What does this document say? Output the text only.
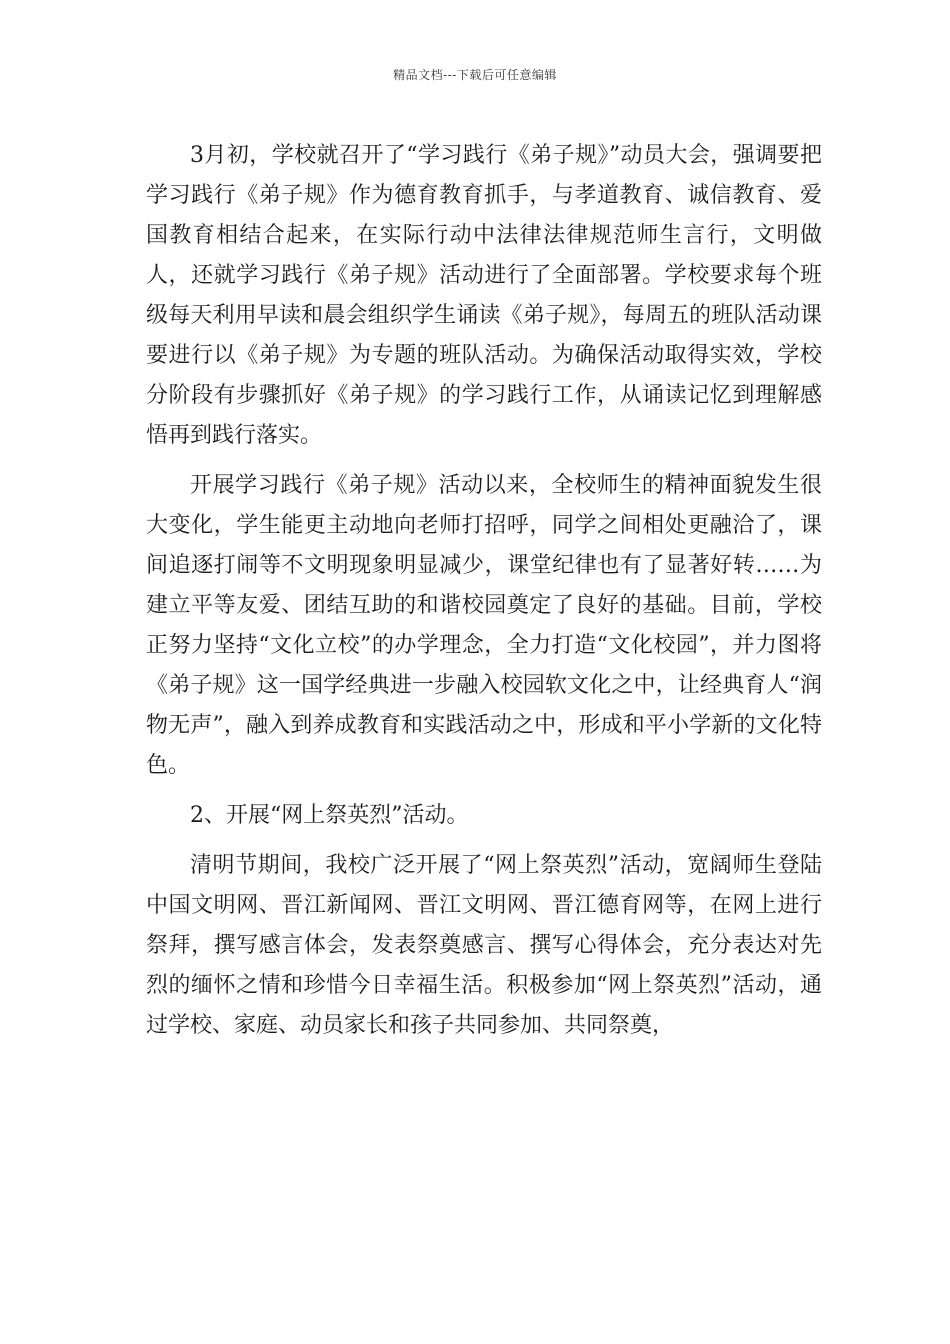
精品文档---下载后可任意编辑

3月初，学校就召开了“学习践行《弟子规》”动员大会，强调要把学习践行《弟子规》作为德育教育抓手，与孝道教育、诚信教育、爱国教育相结合起来，在实际行动中法律法律规范师生言行，文明做人，还就学习践行《弟子规》活动进行了全面部署。学校要求每个班级每天利用早读和晨会组织学生诵读《弟子规》，每周五的班队活动课要进行以《弟子规》为专题的班队活动。为确保活动取得实效，学校分阶段有步骤抓好《弟子规》的学习践行工作，从诵读记忆到理解感悟再到践行落实。

开展学习践行《弟子规》活动以来，全校师生的精神面貌发生很大变化，学生能更主动地向老师打招呼，同学之间相处更融洽了，课间追逐打闹等不文明现象明显减少，课堂纪律也有了显著好转……为建立平等友爱、团结互助的和谐校园奠定了良好的基础。目前，学校正努力坚持“文化立校”的办学理念，全力打造“文化校园”，并力图将《弟子规》这一国学经典进一步融入校园软文化之中，让经典育人“润物无声”，融入到养成教育和实践活动之中，形成和平小学新的文化特色。

2、开展“网上祭英烈”活动。

清明节期间，我校广泛开展了“网上祭英烈”活动，宽阔师生登陆中国文明网、晋江新闻网、晋江文明网、晋江德育网等，在网上进行祭拜，撰写感言体会，发表祭奠感言、撰写心得体会，充分表达对先烈的缅怀之情和珍惜今日幸福生活。积极参加“网上祭英烈”活动，通过学校、家庭、动员家长和孩子共同参加、共同祭奠，
